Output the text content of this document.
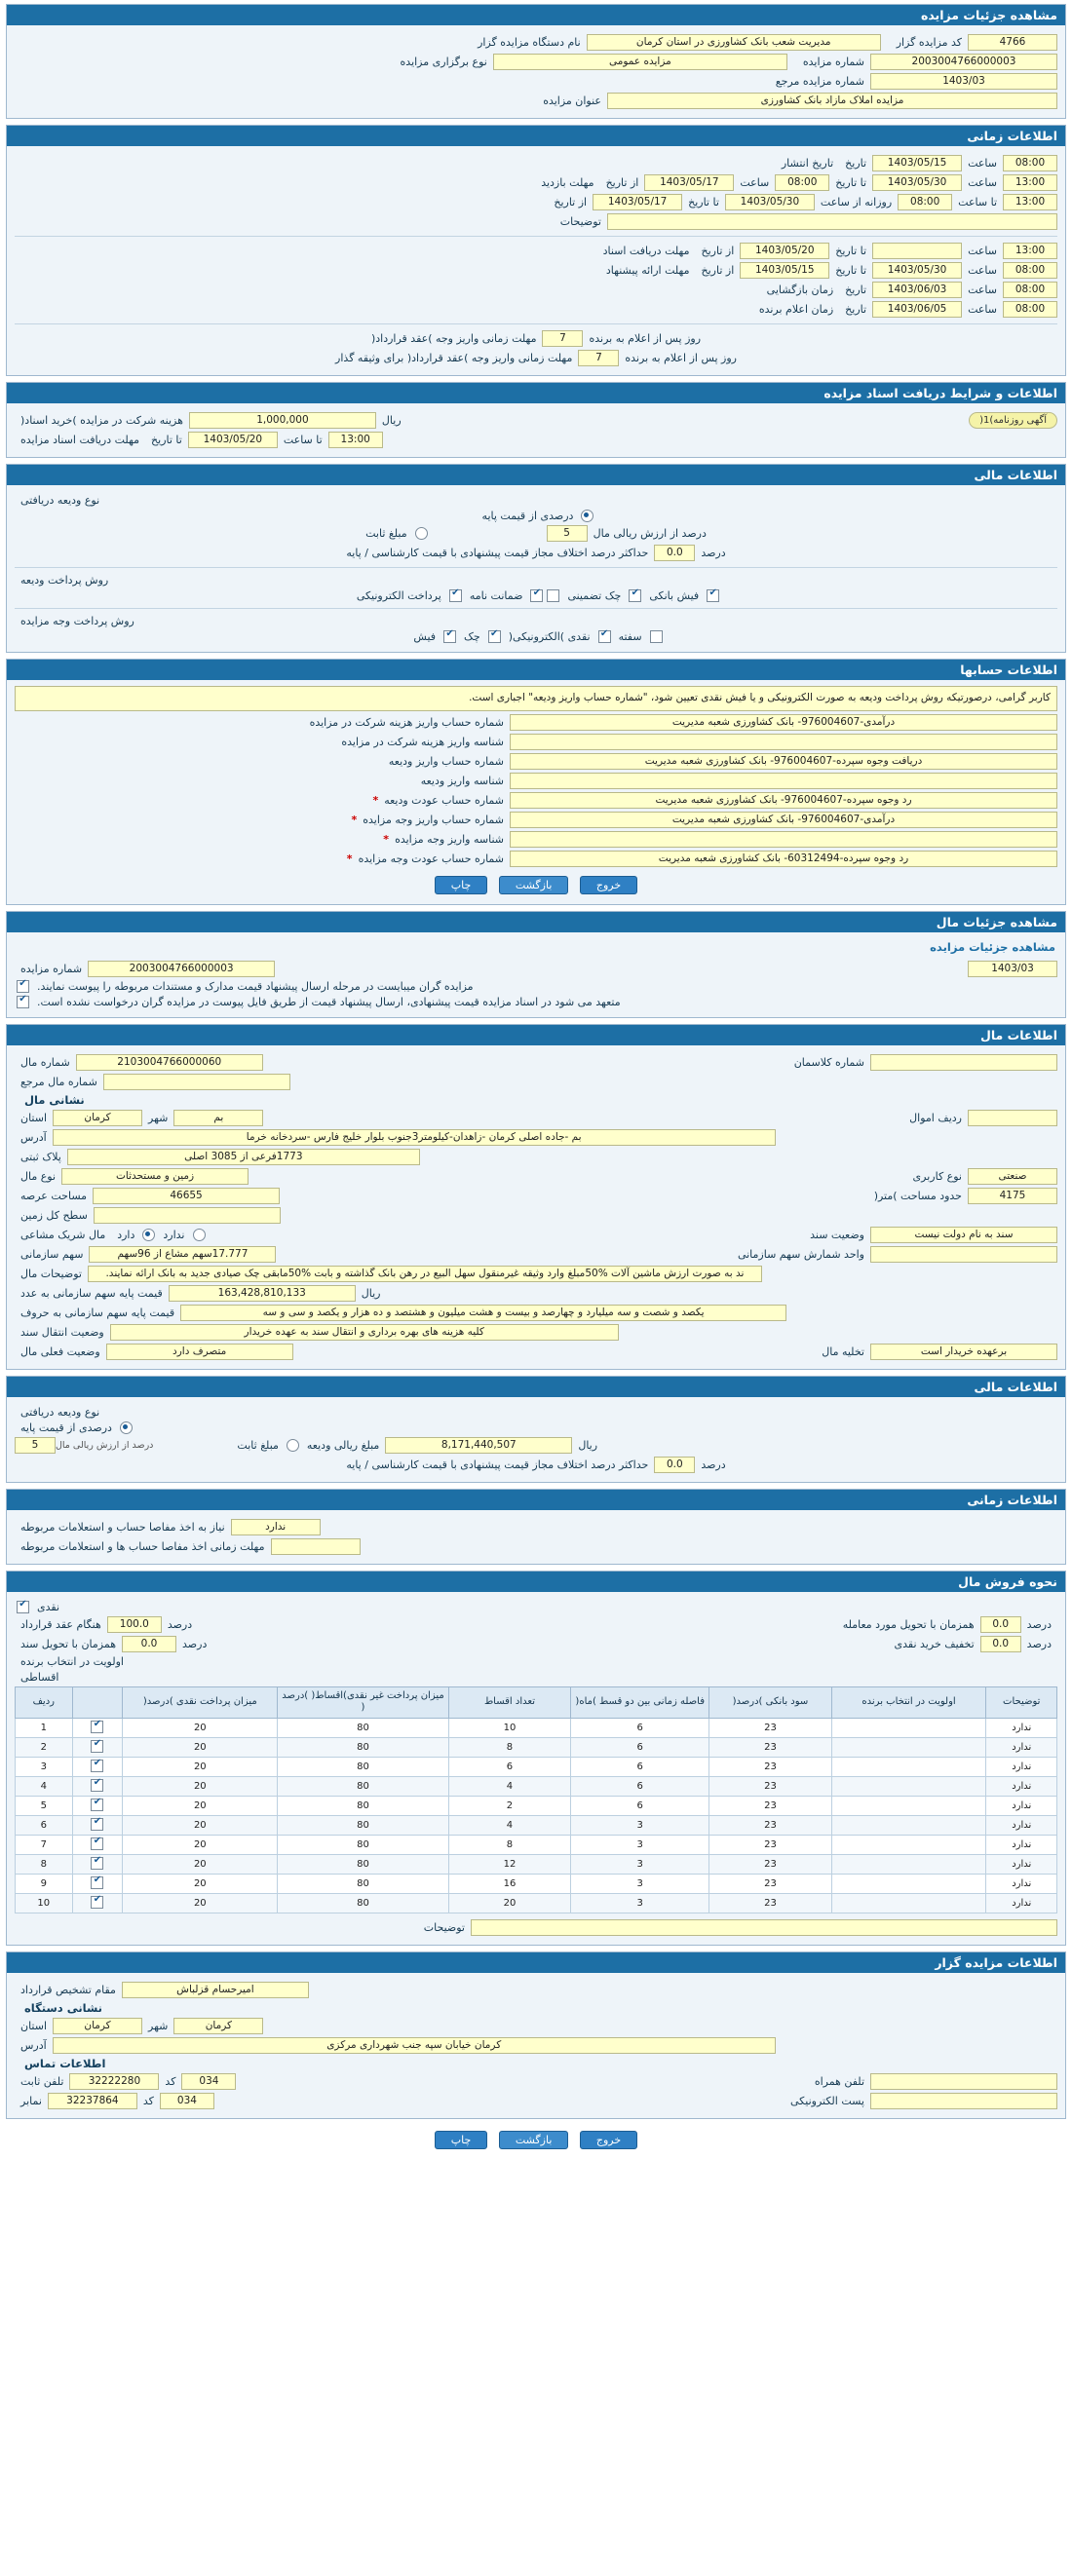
مشاهده جزئیات مزایده
4766
کد مزایده گزار
مدیریت شعب بانک کشاورزی در استان کرمان
نام دستگاه مزایده گزار
2003004766000003
شماره مزایده
مزایده عمومی
نوع برگزاری مزایده
1403/03
شماره مزایده مرجع
مزایده املاک مازاد بانک کشاورزی
عنوان مزایده
اطلاعات زمانی
08:00
ساعت
1403/05/15
تاریخ
تاریخ انتشار
13:00
ساعت
1403/05/30
تا تاریخ
08:00
ساعت
1403/05/17
از تاریخ
مهلت بازدید
13:00
تا ساعت
08:00
روزانه از ساعت
1403/05/30
تا تاریخ
1403/05/17
از تاریخ
توضیحات
13:00
ساعت
تا تاریخ
1403/05/20
از تاریخ
مهلت دریافت اسناد
08:00
ساعت
1403/05/30
تا تاریخ
1403/05/15
از تاریخ
مهلت ارائه پیشنهاد
08:00
ساعت
1403/06/03
تاریخ
زمان بازگشایی
08:00
ساعت
1403/06/05
تاریخ
زمان اعلام برنده
روز پس از اعلام به برنده
7
مهلت زمانی واریز وجه )عقد قرارداد(
روز پس از اعلام به برنده
7
مهلت زمانی واریز وجه )عقد قرارداد( برای وثیقه گذار
اطلاعات و شرایط دریافت اسناد مزایده
آگهی روزنامه)1(
ریال
1,000,000
هزینه شرکت در مزایده )خرید اسناد(
13:00
تا ساعت
1403/05/20
تا تاریخ
مهلت دریافت اسناد مزایده
اطلاعات مالی
نوع ودیعه دریافتی
درصدی از قیمت پایه
درصد از ارزش ریالی مال
5
مبلغ ثابت
درصد
0.0
حداکثر درصد اختلاف مجاز قیمت پیشنهادی با قیمت کارشناسی / پایه
روش پرداخت ودیعه
✔
فیش بانکی
✔
چک تضمینی
✔
ضمانت نامه
✔
پرداخت الکترونیکی
روش پرداخت وجه مزایده
سفته
✔
نقدی )الکترونیکی(
✔
چک
✔
فیش
اطلاعات حسابها
کاربر گرامی، درصورتیکه روش پرداخت ودیعه به صورت الکترونیکی و یا فیش نقدی تعیین شود، "شماره حساب واریز ودیعه" اجباری است.
درآمدی-976004607- بانک کشاورزی شعبه مدیریت
شماره حساب واریز هزینه شرکت در مزایده
شناسه واریز هزینه شرکت در مزایده
دریافت وجوه سپرده-976004607- بانک کشاورزی شعبه مدیریت
شماره حساب واریز ودیعه
شناسه واریز ودیعه
رد وجوه سپرده-976004607- بانک کشاورزی شعبه مدیریت
شماره حساب عودت ودیعه
*
درآمدی-976004607- بانک کشاورزی شعبه مدیریت
شماره حساب واریز وجه مزایده
*
شناسه واریز وجه مزایده
*
رد وجوه سپرده-60312494- بانک کشاورزی شعبه مدیریت
شماره حساب عودت وجه مزایده
*
خروج بازگشت چاپ
مشاهده جزئیات مال
مشاهده جزئیات مزایده
1403/03
2003004766000003
شماره مزایده
مزایده گران میبایست در مرحله ارسال پیشنهاد قیمت مدارک و مستندات مربوطه را پیوست نمایند.
✔
متعهد می شود در اسناد مزایده قیمت پیشنهادی، ارسال پیشنهاد قیمت از طریق فایل پیوست در مزایده گران درخواست نشده است.
✔
اطلاعات مال
شماره کلاسمان
2103004766000060
شماره مال
شماره مال مرجع
نشانی مال
ردیف اموال
بم
شهر
کرمان
استان
بم -جاده اصلی کرمان -زاهدان-کیلومتر3جنوب بلوار خلیج فارس -سردخانه خرما
آدرس
1773فرعی از 3085 اصلی
پلاک ثبتی
صنعتی
نوع کاربری
زمین و مستحدثات
نوع مال
4175
حدود مساحت )متر(
46655
مساحت عرصه
سطح کل زمین
سند به نام دولت نیست
وضعیت سند
ندارد
دارد
مال شریک مشاعی
واحد شمارش سهم سازمانی
17.777سهم مشاع از 96سهم
سهم سازمانی
ند به صورت ارزش ماشین آلات %50مبلغ وارد وثیقه غیرمنقول سهل البیع در رهن بانک گذاشته و بابت %50مابقی چک صیادی جدید به بانک ارائه نمایند.
توضیحات مال
ریال
163,428,810,133
قیمت پایه سهم سازمانی به عدد
یکصد و شصت و سه میلیارد و چهارصد و بیست و هشت میلیون و هشتصد و ده هزار و یکصد و سی و سه
قیمت پایه سهم سازمانی به حروف
کلیه هزینه های بهره برداری و انتقال سند به عهده خریدار
وضعیت انتقال سند
برعهده خریدار است
تخلیه مال
متصرف دارد
وضعیت فعلی مال
اطلاعات مالی
نوع ودیعه دریافتی
درصدی از قیمت پایه
ریال
8,171,440,507
مبلغ ریالی ودیعه
مبلغ ثابت
درصد از ارزش ریالی مال
5
درصد
0.0
حداکثر درصد اختلاف مجاز قیمت پیشنهادی با قیمت کارشناسی / پایه
اطلاعات زمانی
ندارد
نیاز به اخذ مفاصا حساب و استعلامات مربوطه
مهلت زمانی اخذ مفاصا حساب ها و استعلامات مربوطه
نحوه فروش مال
نقدی
✔
درصد
0.0
همزمان با تحویل مورد معامله
درصد
100.0
هنگام عقد قرارداد
درصد
0.0
تخفیف خرید نقدی
درصد
0.0
همزمان با تحویل سند
اولویت در انتخاب برنده
اقساطی
توضیحات	اولویت در انتخاب برنده	سود بانکی )درصد(	فاصله زمانی بین دو قسط )ماه(	تعداد اقساط	میزان پرداخت غیر نقدی)اقساط( )درصد (	میزان پرداخت نقدی )درصد(		ردیف
ندارد		23	6	10	80	20	✔	1
ندارد		23	6	8	80	20	✔	2
ندارد		23	6	6	80	20	✔	3
ندارد		23	6	4	80	20	✔	4
ندارد		23	6	2	80	20	✔	5
ندارد		23	3	4	80	20	✔	6
ندارد		23	3	8	80	20	✔	7
ندارد		23	3	12	80	20	✔	8
ندارد		23	3	16	80	20	✔	9
ندارد		23	3	20	80	20	✔	10
توضیحات
اطلاعات مزایده گزار
امیرحسام قزلباش
مقام تشخیص قرارداد
نشانی دستگاه
کرمان
شهر
کرمان
استان
کرمان خیابان سپه جنب شهرداری مرکزی
آدرس
اطلاعات تماس
تلفن همراه
034
کد
32222280
تلفن ثابت
پست الکترونیکی
034
کد
32237864
نمابر
خروج بازگشت چاپ
